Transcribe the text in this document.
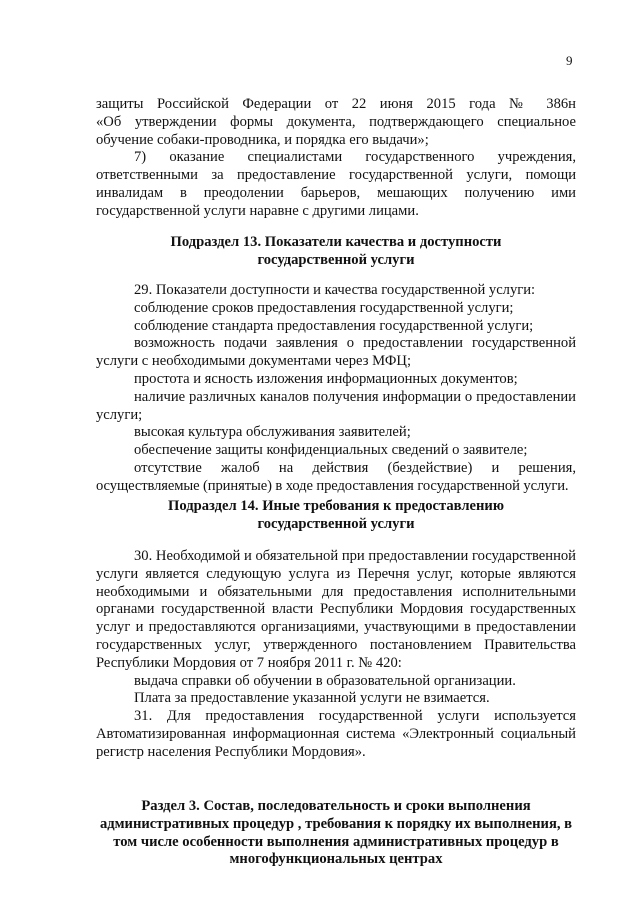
9

защиты Российской Федерации от 22 июня 2015 года № 386н

«Об утверждении формы документа, подтверждающего специальное

обучение собаки-проводника, и порядка его выдачи»;

7) оказание специалистами государственного учреждения,

ответственными за предоставление государственной услуги, помощи

инвалидам в преодолении барьеров, мешающих получению ими

государственной услуги наравне с другими лицами.

Подраздел 13. Показатели качества и доступности

государственной услуги

29. Показатели доступности и качества государственной услуги:

соблюдение сроков предоставления государственной услуги;

соблюдение стандарта предоставления государственной услуги;

возможность подачи заявления о предоставлении государственной

услуги с необходимыми документами через МФЦ;

простота и ясность изложения информационных документов;

наличие различных каналов получения информации о предоставлении

услуги;

высокая культура обслуживания заявителей;

обеспечение защиты конфиденциальных сведений о заявителе;

отсутствие жалоб на действия (бездействие) и решения,

осуществляемые (принятые) в ходе предоставления государственной услуги.

Подраздел 14. Иные требования к предоставлению

государственной услуги

30. Необходимой и обязательной при предоставлении государственной

услуги является следующую услуга из Перечня услуг, которые являются

необходимыми и обязательными для предоставления исполнительными

органами государственной власти Республики Мордовия государственных

услуг и предоставляются организациями, участвующими в предоставлении

государственных услуг, утвержденного постановлением Правительства

Республики Мордовия от 7 ноября 2011 г. № 420:

выдача справки об обучении в образовательной организации.

Плата за предоставление указанной услуги не взимается.

31. Для предоставления государственной услуги используется

Автоматизированная информационная система «Электронный социальный

регистр населения Республики Мордовия».

Раздел 3. Состав, последовательность и сроки выполнения

административных процедур , требования к порядку их выполнения, в

том числе особенности выполнения административных процедур в

многофункциональных центрах
